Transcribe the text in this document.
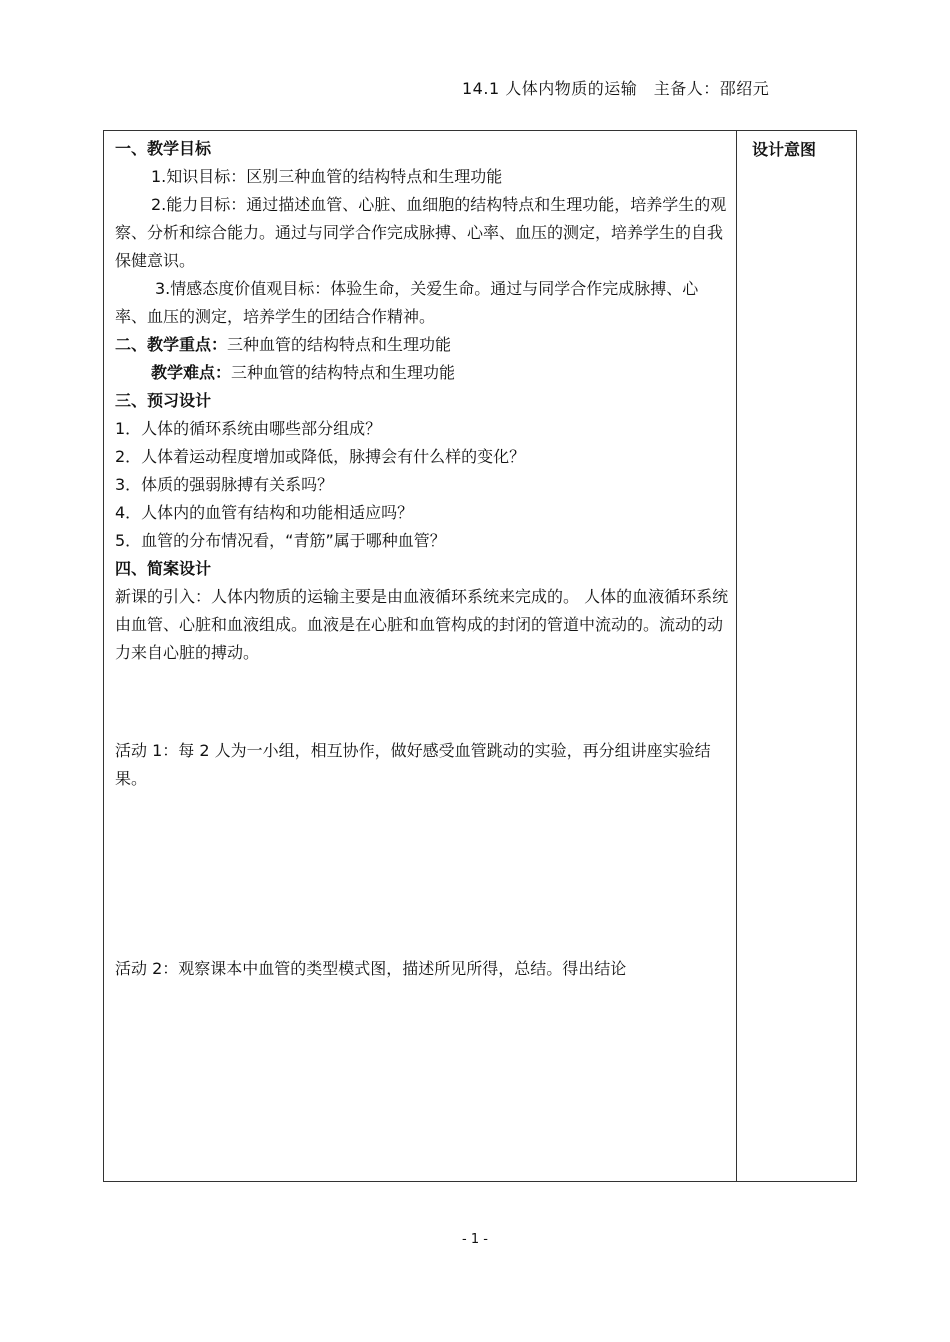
14.1 人体内物质的运输　主备人：邵绍元
设计意图
一、教学目标
1.知识目标：区别三种血管的结构特点和生理功能
2.能力目标：通过描述血管、心脏、血细胞的结构特点和生理功能，培养学生的观察、分析和综合能力。通过与同学合作完成脉搏、心率、血压的测定，培养学生的自我保健意识。
3.情感态度价值观目标：体验生命，关爱生命。通过与同学合作完成脉搏、心率、血压的测定，培养学生的团结合作精神。
二、教学重点：三种血管的结构特点和生理功能
教学难点：三种血管的结构特点和生理功能
三、预习设计
1．人体的循环系统由哪些部分组成？
2．人体着运动程度增加或降低，脉搏会有什么样的变化？
3．体质的强弱脉搏有关系吗？
4．人体内的血管有结构和功能相适应吗？
5．血管的分布情况看，“青筋”属于哪种血管？
四、简案设计
新课的引入：人体内物质的运输主要是由血液循环系统来完成的。 人体的血液循环系统由血管、心脏和血液组成。血液是在心脏和血管构成的封闭的管道中流动的。流动的动力来自心脏的搏动。
活动 1：每 2 人为一小组，相互协作，做好感受血管跳动的实验，再分组讲座实验结果。
活动 2：观察课本中血管的类型模式图，描述所见所得，总结。得出结论
- 1 -
